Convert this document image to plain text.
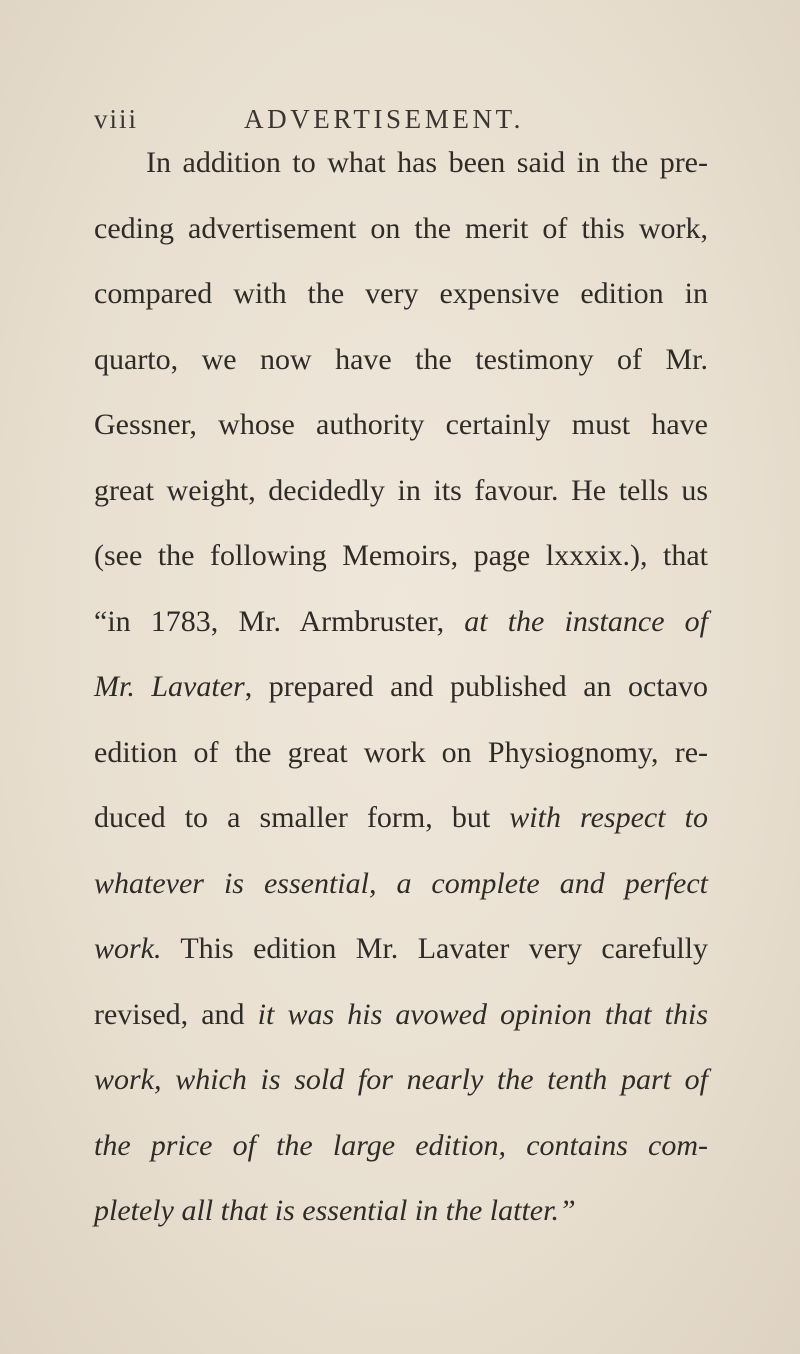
viii	ADVERTISEMENT.
In addition to what has been said in the pre-
ceding advertisement on the merit of this work,
compared with the very expensive edition in
quarto, we now have the testimony of Mr.
Gessner, whose authority certainly must have
great weight, decidedly in its favour. He tells us
(see the following Memoirs, page lxxxix.), that
“in 1783, Mr. Armbruster, at the instance of
Mr. Lavater, prepared and published an octavo
edition of the great work on Physiognomy, re-
duced to a smaller form, but with respect to
whatever is essential, a complete and perfect
work. This edition Mr. Lavater very carefully
revised, and it was his avowed opinion that this
work, which is sold for nearly the tenth part of
the price of the large edition, contains com-
pletely all that is essential in the latter.”
